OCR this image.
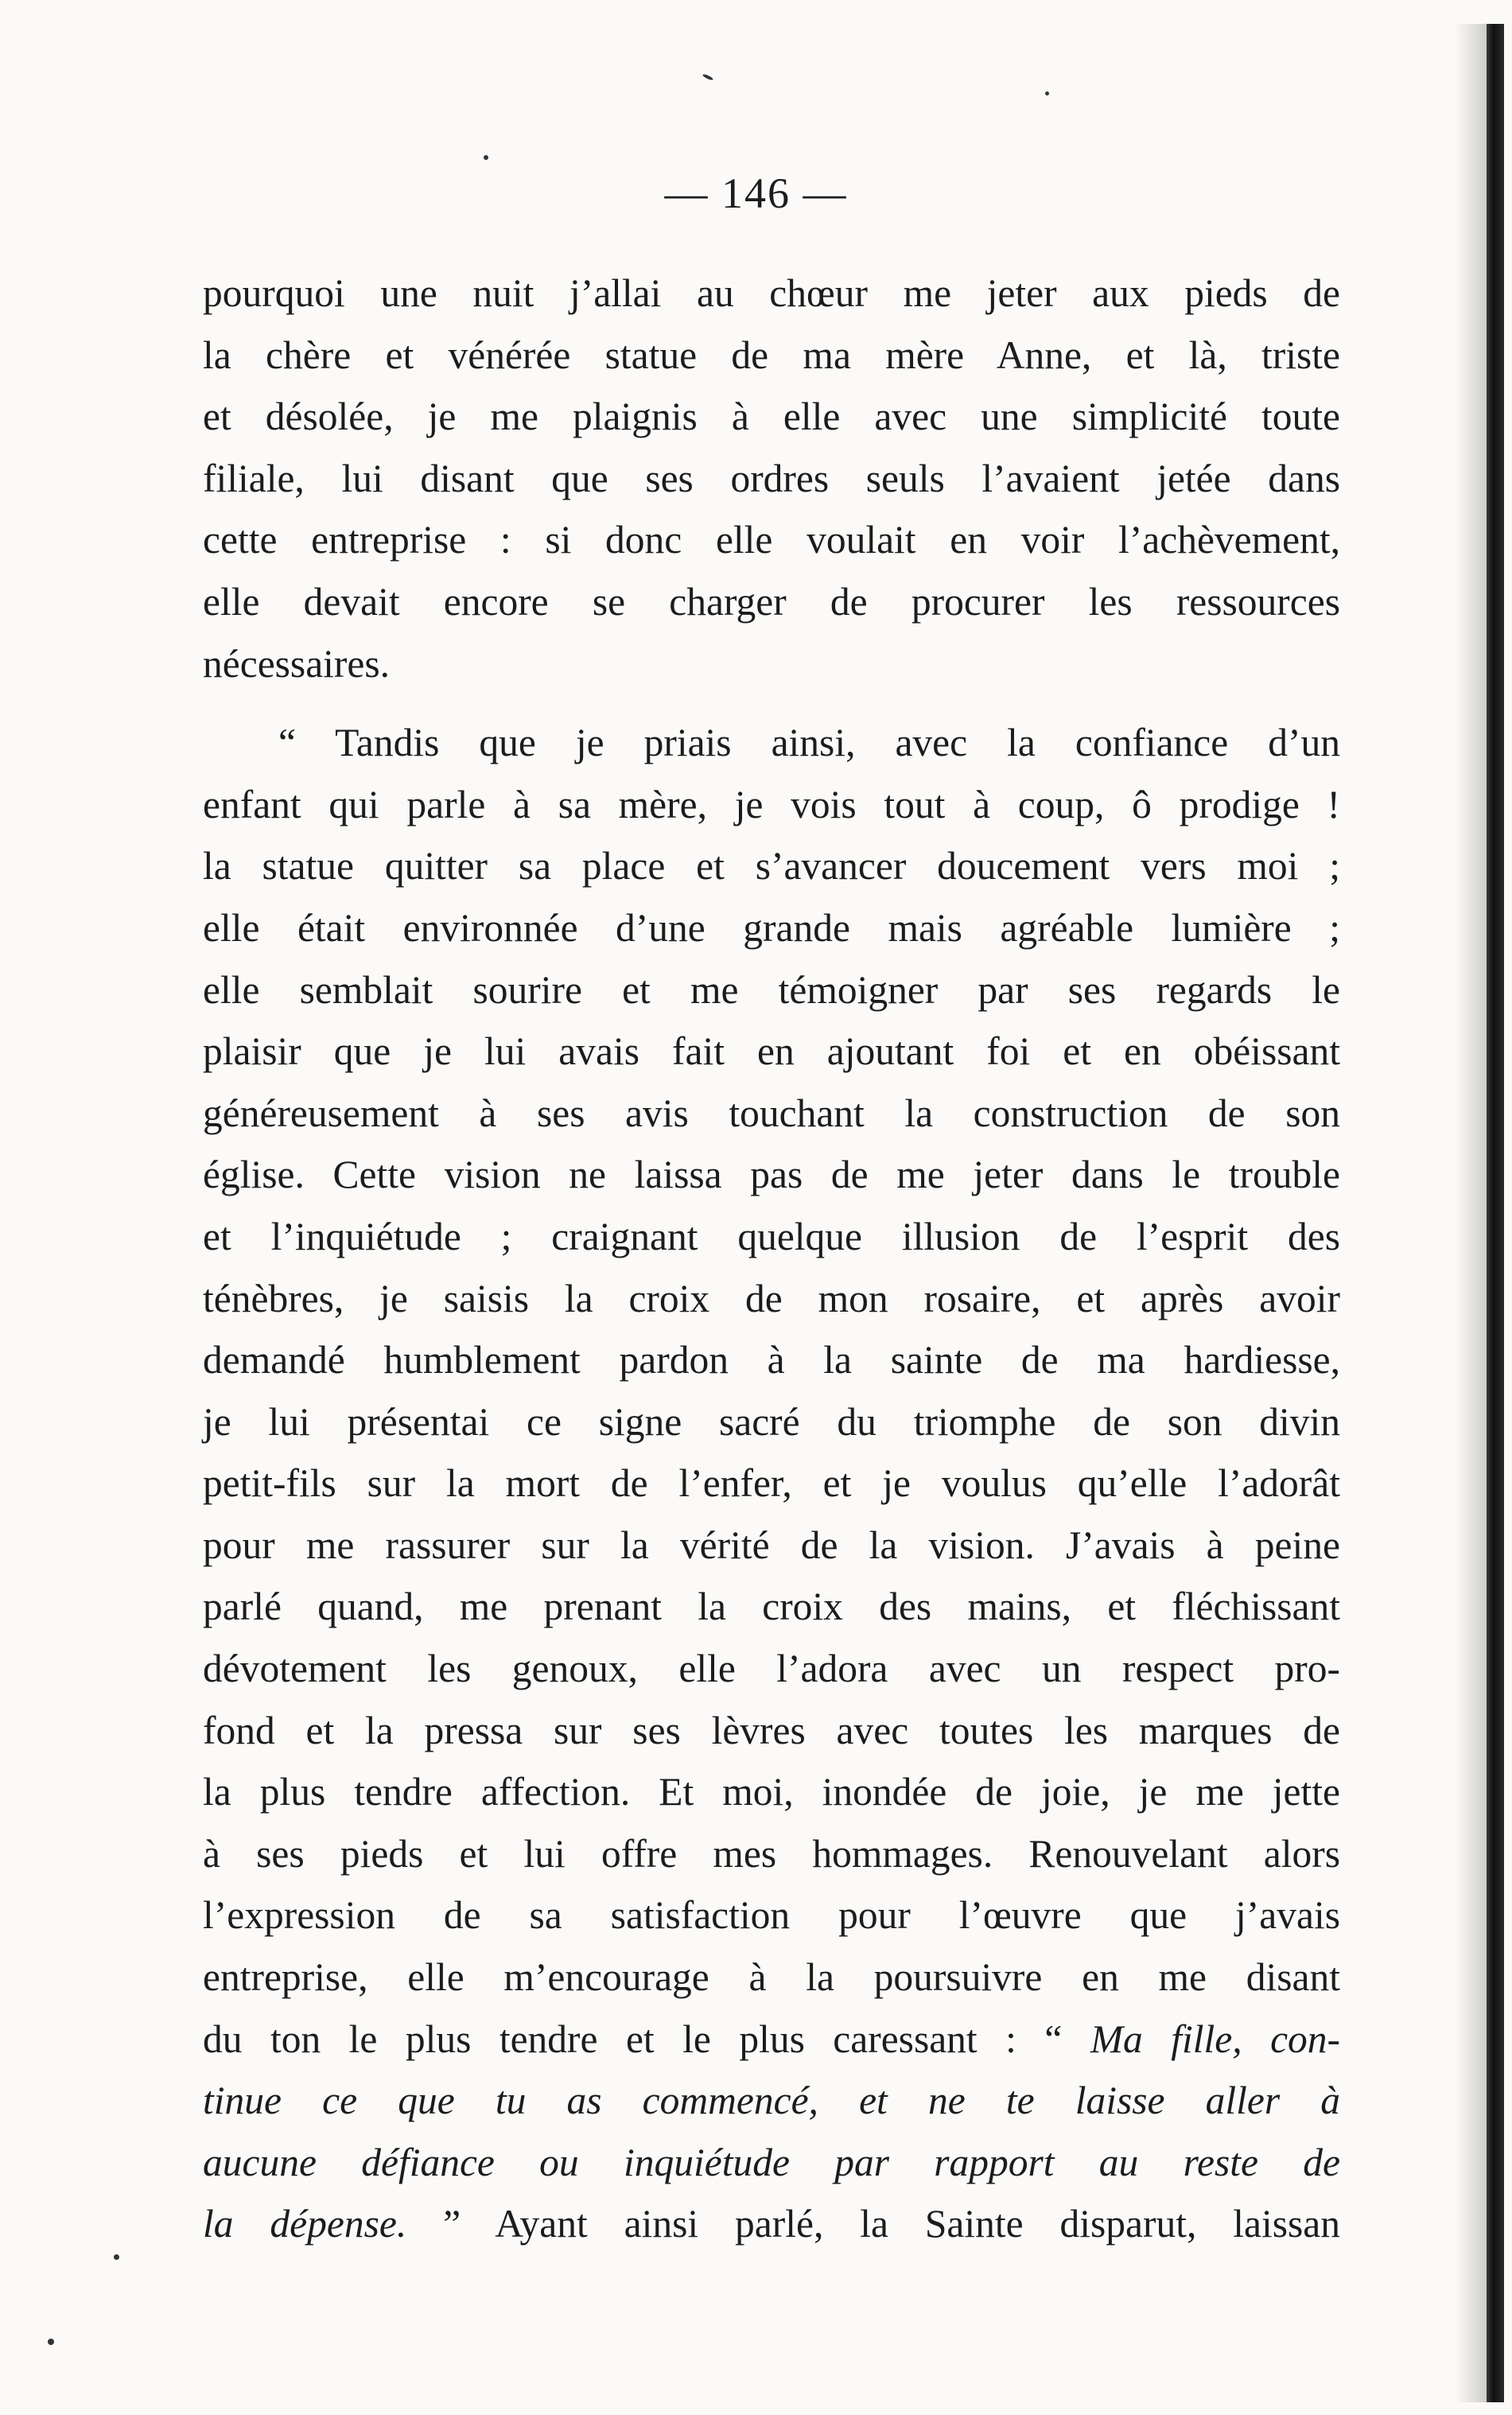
— 146 —
pourquoi une nuit j’allai au chœur me jeter aux pieds de
la chère et vénérée statue de ma mère Anne, et là, triste
et désolée, je me plaignis à elle avec une simplicité toute
filiale, lui disant que ses ordres seuls l’avaient jetée dans
cette entreprise : si donc elle voulait en voir l’achèvement,
elle devait encore se charger de procurer les ressources
nécessaires.
“ Tandis que je priais ainsi, avec la confiance d’un
enfant qui parle à sa mère, je vois tout à coup, ô prodige !
la statue quitter sa place et s’avancer doucement vers moi ;
elle était environnée d’une grande mais agréable lumière ;
elle semblait sourire et me témoigner par ses regards le
plaisir que je lui avais fait en ajoutant foi et en obéissant
généreusement à ses avis touchant la construction de son
église. Cette vision ne laissa pas de me jeter dans le trouble
et l’inquiétude ; craignant quelque illusion de l’esprit des
ténèbres, je saisis la croix de mon rosaire, et après avoir
demandé humblement pardon à la sainte de ma hardiesse,
je lui présentai ce signe sacré du triomphe de son divin
petit-fils sur la mort de l’enfer, et je voulus qu’elle l’adorât
pour me rassurer sur la vérité de la vision. J’avais à peine
parlé quand, me prenant la croix des mains, et fléchissant
dévotement les genoux, elle l’adora avec un respect pro-
fond et la pressa sur ses lèvres avec toutes les marques de
la plus tendre affection. Et moi, inondée de joie, je me jette
à ses pieds et lui offre mes hommages. Renouvelant alors
l’expression de sa satisfaction pour l’œuvre que j’avais
entreprise, elle m’encourage à la poursuivre en me disant
du ton le plus tendre et le plus caressant : “ Ma fille, con-
tinue ce que tu as commencé, et ne te laisse aller à
aucune défiance ou inquiétude par rapport au reste de
la dépense. ” Ayant ainsi parlé, la Sainte disparut, laissan
